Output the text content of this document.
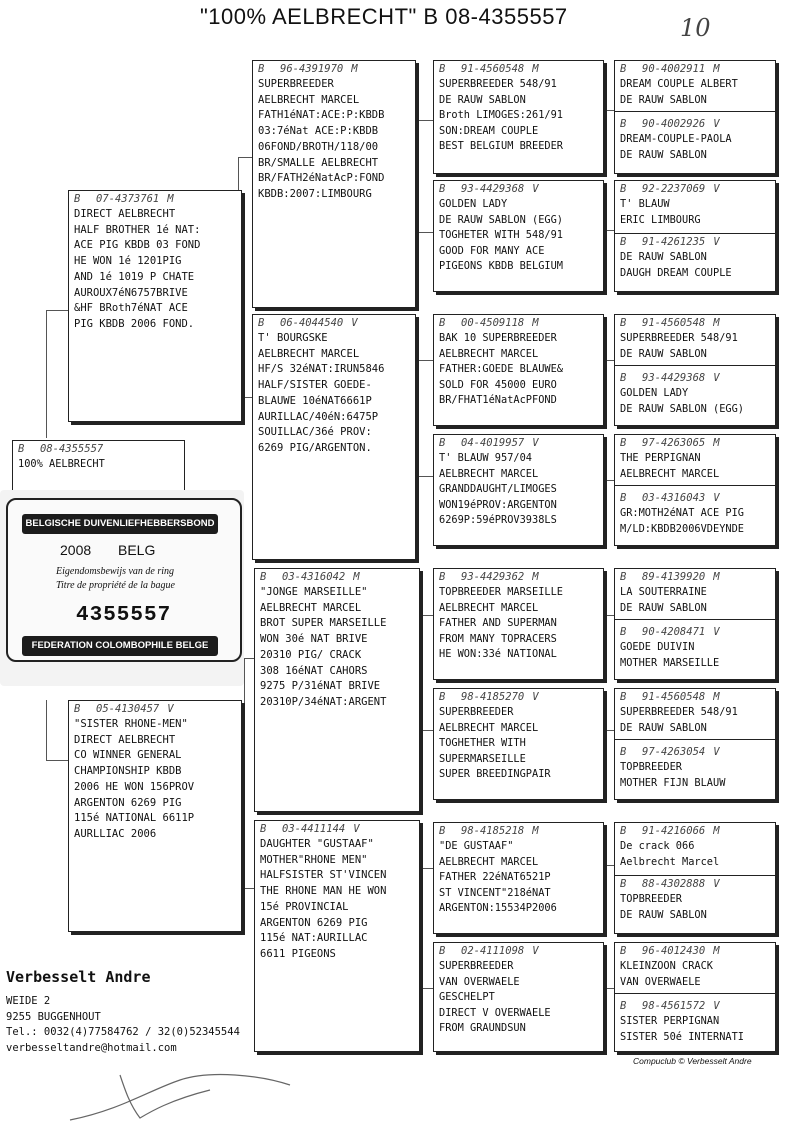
"100% AELBRECHT" B 08-4355557	10
B	08-4355557
100% AELBRECHT
BELGISCHE DUIVENLIEFHEBBERSBOND
2008 BELG
Eigendomsbewijs van de ring
Titre de propriété de la bague
4355557
FEDERATION COLOMBOPHILE BELGE
B	07-4373761 M
DIRECT AELBRECHT
HALF BROTHER 1é NAT:
ACE PIG KBDB 03 FOND
HE WON 1é 1201PIG
AND 1é 1019 P CHATE
AUROUX7éN6757BRIVE
&HF BRoth7éNAT ACE
PIG KBDB 2006 FOND.
B	05-4130457 V
"SISTER RHONE-MEN"
DIRECT AELBRECHT
CO WINNER GENERAL
CHAMPIONSHIP KBDB
2006 HE WON 156PROV
ARGENTON 6269 PIG
115é NATIONAL 6611P
AURLLIAC 2006
B	96-4391970 M
SUPERBREEDER
AELBRECHT MARCEL
FATH1éNAT:ACE:P:KBDB
03:7éNat ACE:P:KBDB
06FOND/BROTH/118/00
BR/SMALLE AELBRECHT
BR/FATH2éNatAcP:FOND
KBDB:2007:LIMBOURG
B	06-4044540 V
T' BOURGSKE
AELBRECHT MARCEL
HF/S 32éNAT:IRUN5846
HALF/SISTER GOEDE-
BLAUWE 10éNAT6661P
AURILLAC/40éN:6475P
SOUILLAC/36é PROV:
6269 PIG/ARGENTON.
B	03-4316042 M
"JONGE MARSEILLE"
AELBRECHT MARCEL
BROT SUPER MARSEILLE
WON 30é NAT BRIVE
20310 PIG/ CRACK
308 16éNAT CAHORS
9275 P/31éNAT BRIVE
20310P/34éNAT:ARGENT
B	03-4411144 V
DAUGHTER "GUSTAAF"
MOTHER"RHONE MEN"
HALFSISTER ST'VINCEN
THE RHONE MAN HE WON
15é PROVINCIAL
ARGENTON 6269 PIG
115é NAT:AURILLAC
6611 PIGEONS
B	91-4560548 M
SUPERBREEDER 548/91
DE RAUW SABLON
Broth LIMOGES:261/91
SON:DREAM COUPLE
BEST BELGIUM BREEDER
B	93-4429368 V
GOLDEN LADY
DE RAUW SABLON (EGG)
TOGHETER WITH 548/91
GOOD FOR MANY ACE
PIGEONS KBDB BELGIUM
B	00-4509118 M
BAK 10 SUPERBREEDER
AELBRECHT MARCEL
FATHER:GOEDE BLAUWE&
SOLD FOR 45000 EURO
BR/FHAT1éNatAcPFOND
B	04-4019957 V
T' BLAUW 957/04
AELBRECHT MARCEL
GRANDDAUGHT/LIMOGES
WON19éPROV:ARGENTON
6269P:59éPROV3938LS
B	93-4429362 M
TOPBREEDER MARSEILLE
AELBRECHT MARCEL
FATHER AND SUPERMAN
FROM MANY TOPRACERS
HE WON:33é NATIONAL
B	98-4185270 V
SUPERBREEDER
AELBRECHT MARCEL
TOGHETHER WITH
SUPERMARSEILLE
SUPER BREEDINGPAIR
B	98-4185218 M
"DE GUSTAAF"
AELBRECHT MARCEL
FATHER 22éNAT6521P
ST VINCENT"218éNAT
ARGENTON:15534P2006
B	02-4111098 V
SUPERBREEDER
VAN OVERWAELE
GESCHELPT
DIRECT V OVERWAELE
FROM GRAUNDSUN
B	90-4002911 M
DREAM COUPLE ALBERT
DE RAUW SABLON
B	90-4002926 V
DREAM-COUPLE-PAOLA
DE RAUW SABLON
B	92-2237069 V
T' BLAUW
ERIC LIMBOURG
B	91-4261235 V
DE RAUW SABLON
DAUGH DREAM COUPLE
B	91-4560548 M
SUPERBREEDER 548/91
DE RAUW SABLON
B	93-4429368 V
GOLDEN LADY
DE RAUW SABLON (EGG)
B	97-4263065 M
THE PERPIGNAN
AELBRECHT MARCEL
B	03-4316043 V
GR:MOTH2éNAT ACE PIG
M/LD:KBDB2006VDEYNDE
B	89-4139920 M
LA SOUTERRAINE
DE RAUW SABLON
B	90-4208471 V
GOEDE DUIVIN
MOTHER MARSEILLE
B	91-4560548 M
SUPERBREEDER 548/91
DE RAUW SABLON
B	97-4263054 V
TOPBREEDER
MOTHER FIJN BLAUW
B	91-4216066 M
De crack 066
Aelbrecht Marcel
B	88-4302888 V
TOPBREEDER
DE RAUW SABLON
B	96-4012430 M
KLEINZOON CRACK
VAN OVERWAELE
B	98-4561572 V
SISTER PERPIGNAN
SISTER 50é INTERNATI
Verbesselt Andre
WEIDE 2
9255 BUGGENHOUT
Tel.: 0032(4)77584762 / 32(0)52345544
verbesseltandre@hotmail.com
Compuclub © Verbesselt Andre
